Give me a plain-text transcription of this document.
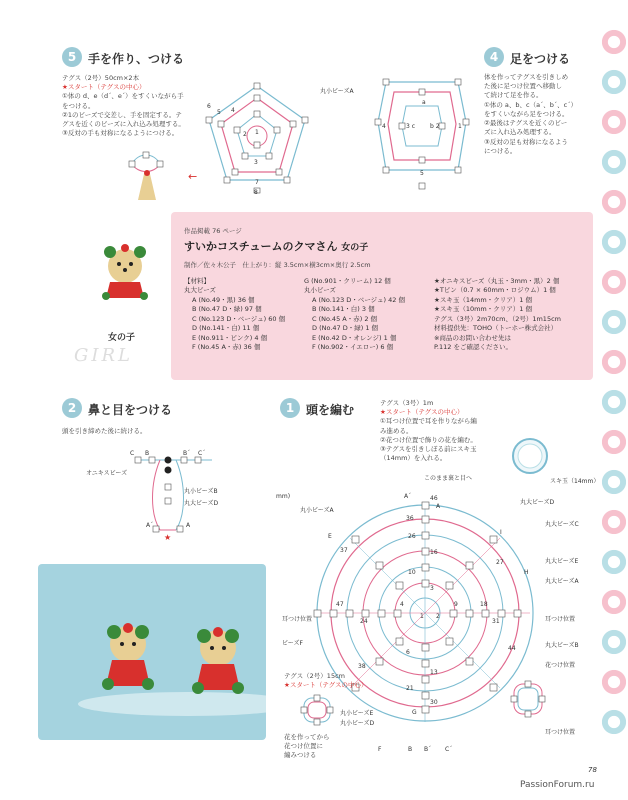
5 手を作り、つける
テグス（2号）50cm×2本
★スタート（テグスの中心）
①体の d、e（d´、e´）をすくいながら手
をつける。
②1のビーズで交差し、手を固定する。テ
グスを近くのビーズに入れ込み処理する。
③反対の手も対称になるようにつける。
←
2 1
3
5 4
6
7
8
丸小ビーズA
4 足をつける
体を作ってテグスを引きしめ
た後に足つけ位置へ移動し
て続けて足を作る。
①体の a、b、c（a´、b´、c´）
をすくいながら足をつける。
②最後はテグスを近くのビー
ズに入れ込み処理する。
③反対の足も対称になるよう
につける。
3 c b 2
4	1
5
a
作品掲載 76 ページ
すいかコスチュームのクマさん 女の子
制作／佐々木公子　仕上がり：縦 3.5cm×横3cm×奥行 2.5cm
女の子
GIRL
【材料】
丸大ビーズ
A (No.49・黒) 36 個
B (No.47 D・緑) 97 個
C (No.123 D・ベージュ) 60 個
D (No.141・白) 11 個
E (No.911・ピンク) 4 個
F (No.45 A・赤) 36 個
G (No.901・クリーム) 12 個
丸小ビーズ
A (No.123 D・ベージュ) 42 個
B (No.141・白) 3 個
C (No.45 A・赤) 2 個
D (No.47 D・緑) 1 個
E (No.42 D・オレンジ) 1 個
F (No.902・イエロー) 6 個
★オニキスビーズ（丸玉・3mm・黒）2 個
★Tピン（0.7 × 60mm・ロジウム）1 個
★スキ玉（14mm・クリア）1 個
★スキ玉（10mm・クリア）1 個
テグス（3号）2m70cm、（2号）1m15cm
材料提供先：TOHO（トーホー株式会社）
※商品のお問い合わせ先は
P.112 をご確認ください。
2 鼻と目をつける
頭を引き締めた後に続ける。
★
C B	B´ C´
オニキスビーズ
丸小ビーズB
丸大ビーズD
A
A´
1 頭を編む	テグス（3号）1m
★スタート（テグスの中心）
①耳つけ位置で耳を作りながら編
み進める。
②花つけ位置で飾りの花を編む。
③テグスを引きしぼる前にスキ玉
（14mm）を入れる。
スキ玉（14mm）
46
36
26
16
10
3
1 2
4	9	18
31
24
47
6
13
21
30
44
37
27
38
G
I
A´
A
E
H
このまま裏と目へ
丸大ビーズD
丸大ビーズC
丸大ビーズE
丸大ビーズA
耳つけ位置
丸大ビーズB
花つけ位置
耳つけ位置
mm)
丸小ビーズA
耳つけ位置
ビーズF
テグス（2号）15cm
★スタート（テグスの中心）
丸小ビーズE
丸小ビーズD
花を作ってから
花つけ位置に
編みつける
F	B B´ C´
78
PassionForum.ru
